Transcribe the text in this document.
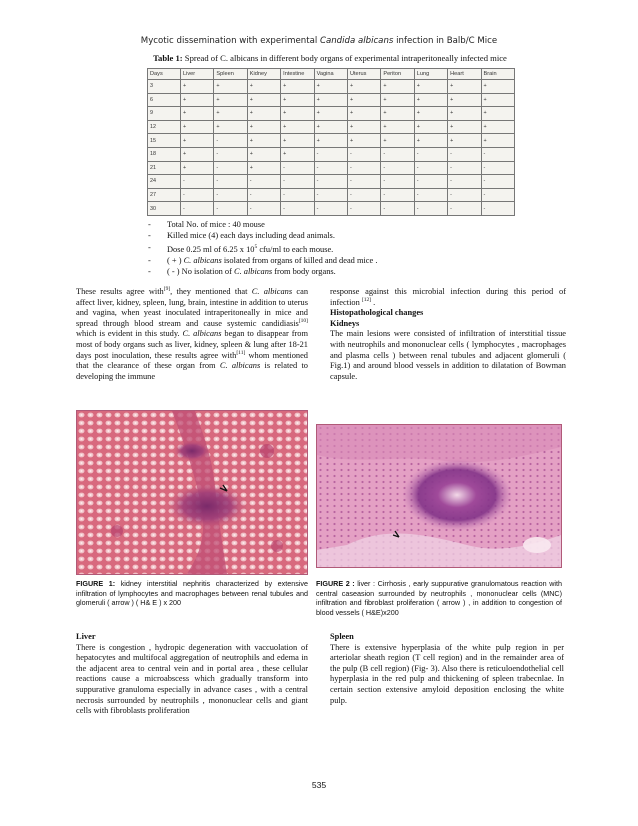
Mycotic dissemination with experimental Candida albicans infection in Balb/C Mice
Table 1: Spread of C. albicans in different body organs of experimental intraperitoneally infected mice
Days	Liver	Spleen	Kidney	Intestine	Vagina	Uterus	Periton	Lung	Heart	Brain
3	+	+	+	+	+	+	+	+	+	+
6	+	+	+	+	+	+	+	+	+	+
9	+	+	+	+	+	+	+	+	+	+
12	+	+	+	+	+	+	+	+	+	+
15	+	-	+	+	+	+	+	+	+	+
18	+	-	+	+	-	-	-	-	-	-
21	+	-	+	-	-	-	-	-	-	-
24	-	-	-	-	-	-	-	-	-	-
27	-	-	-	-	-	-	-	-	-	-
30	-	-	-	-	-	-	-	-	-	-
-	Total No. of mice : 40 mouse
-	Killed mice (4) each days including dead animals.
-	Dose 0.25 ml of 6.25 x $10^5$ cfu/ml to each mouse.
-	( + ) C. albicans isolated from organs of killed and dead mice .
-	( - ) No isolation of C. albicans from body organs.

These results agree with[9], they mentioned that C. albicans can affect liver, kidney, spleen, lung, brain, intestine in addition to uterus and vagina, when yeast inoculated intraperitoneally in mice and spread through blood stream and cause systemic candidiasis[10] which is evident in this study. C. albicans began to disappear from most of body organs such as liver, kidney, spleen & lung after 18-21 days post inoculation, these results agree with[11] whom mentioned that the clearance of these organ from C. albicans is related to developing the immune

response against this microbial infection during this period of infection [12] .

Histopathological changes

Kidneys

The main lesions were consisted of infiltration of interstitial tissue with neutrophils and mononuclear cells ( lymphocytes , macrophages and plasma cells ) between renal tubules and adjacent glomeruli ( Fig.1) and around blood vessels in addition to dilatation of Bowman capsule.

FIGURE 1: kidney interstitial nephritis characterized by extensive infiltration of lymphocytes and macrophages between renal tubules and glomeruli ( arrow ) ( H& E ) x 200
FIGURE 2 : liver : Cirrhosis , early suppurative granulomatous reaction with central caseasion surrounded by neutrophils , mononuclear cells (MNC) infiltration and fibroblast proliferation ( arrow ) , in addition to congestion of blood vessels ( H&E)x200

Liver

There is congestion , hydropic degeneration with vaccuolation of hepatocytes and multifocal aggregation of neutrophils and edema in the adjacent area to central vein and in portal area , these cellular reactions cause a microabscess which gradually transform into suppurative granuloma especially in advance cases , with a central necrosis surrounded by neutrophils , mononuclear cells and giant cells with fibroblasts proliferation

Spleen

There is extensive hyperplasia of the white pulp region in per arteriolar sheath region (T cell region) and in the remainder area of the pulp (B cell region) (Fig- 3). Also there is reticuloendothelial cell hyperplasia in the red pulp and thickening of spleen trabecnlae. In certain section extensive amyloid deposition enclosing the white pulp.

535
